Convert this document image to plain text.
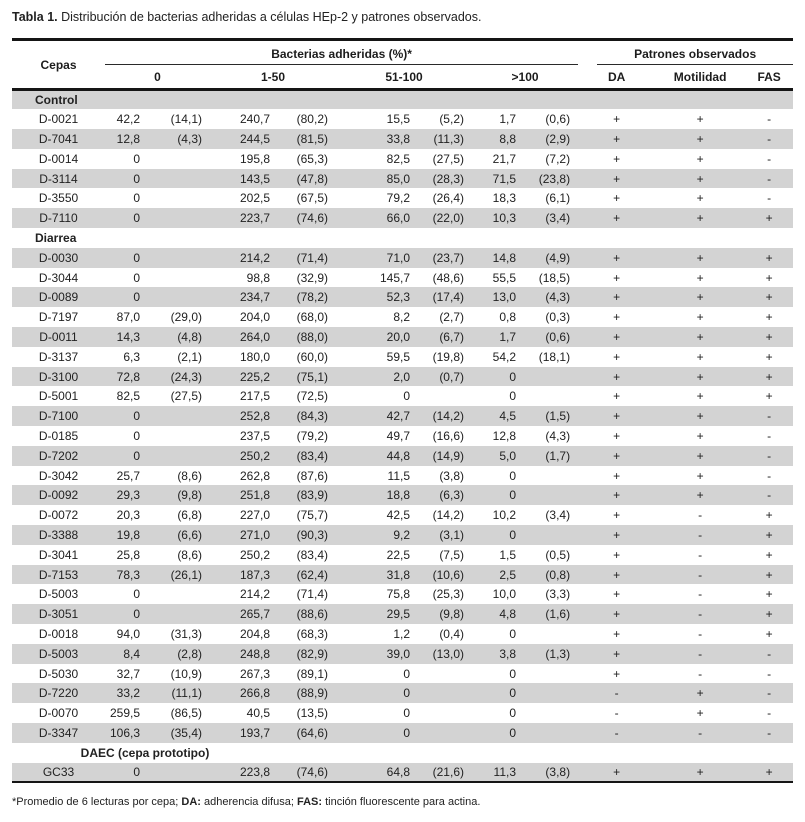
Tabla 1. Distribución de bacterias adheridas a células HEp-2 y patrones observados.
Cepas	Bacterias adheridas (%)*								Patrones observados		

	0		1-50		51-100		>100		DA	Motilidad	FAS
Control											
D-0021	42,2	(14,1)	240,7	(80,2)	15,5	(5,2)	1,7	(0,6)	+	+	-
D-7041	12,8	(4,3)	244,5	(81,5)	33,8	(11,3)	8,8	(2,9)	+	+	-
D-0014	0		195,8	(65,3)	82,5	(27,5)	21,7	(7,2)	+	+	-
D-3114	0		143,5	(47,8)	85,0	(28,3)	71,5	(23,8)	+	+	-
D-3550	0		202,5	(67,5)	79,2	(26,4)	18,3	(6,1)	+	+	-
D-7110	0		223,7	(74,6)	66,0	(22,0)	10,3	(3,4)	+	+	+
Diarrea											
D-0030	0		214,2	(71,4)	71,0	(23,7)	14,8	(4,9)	+	+	+
D-3044	0		98,8	(32,9)	145,7	(48,6)	55,5	(18,5)	+	+	+
D-0089	0		234,7	(78,2)	52,3	(17,4)	13,0	(4,3)	+	+	+
D-7197	87,0	(29,0)	204,0	(68,0)	8,2	(2,7)	0,8	(0,3)	+	+	+
D-0011	14,3	(4,8)	264,0	(88,0)	20,0	(6,7)	1,7	(0,6)	+	+	+
D-3137	6,3	(2,1)	180,0	(60,0)	59,5	(19,8)	54,2	(18,1)	+	+	+
D-3100	72,8	(24,3)	225,2	(75,1)	2,0	(0,7)	0		+	+	+
D-5001	82,5	(27,5)	217,5	(72,5)	0		0		+	+	+
D-7100	0		252,8	(84,3)	42,7	(14,2)	4,5	(1,5)	+	+	-
D-0185	0		237,5	(79,2)	49,7	(16,6)	12,8	(4,3)	+	+	-
D-7202	0		250,2	(83,4)	44,8	(14,9)	5,0	(1,7)	+	+	-
D-3042	25,7	(8,6)	262,8	(87,6)	11,5	(3,8)	0		+	+	-
D-0092	29,3	(9,8)	251,8	(83,9)	18,8	(6,3)	0		+	+	-
D-0072	20,3	(6,8)	227,0	(75,7)	42,5	(14,2)	10,2	(3,4)	+	-	+
D-3388	19,8	(6,6)	271,0	(90,3)	9,2	(3,1)	0		+	-	+
D-3041	25,8	(8,6)	250,2	(83,4)	22,5	(7,5)	1,5	(0,5)	+	-	+
D-7153	78,3	(26,1)	187,3	(62,4)	31,8	(10,6)	2,5	(0,8)	+	-	+
D-5003	0		214,2	(71,4)	75,8	(25,3)	10,0	(3,3)	+	-	+
D-3051	0		265,7	(88,6)	29,5	(9,8)	4,8	(1,6)	+	-	+
D-0018	94,0	(31,3)	204,8	(68,3)	1,2	(0,4)	0		+	-	+
D-5003	8,4	(2,8)	248,8	(82,9)	39,0	(13,0)	3,8	(1,3)	+	-	-
D-5030	32,7	(10,9)	267,3	(89,1)	0		0		+	-	-
D-7220	33,2	(11,1)	266,8	(88,9)	0		0		-	+	-
D-0070	259,5	(86,5)	40,5	(13,5)	0		0		-	+	-
D-3347	106,3	(35,4)	193,7	(64,6)	0		0		-	-	-
DAEC (cepa prototipo)											
GC33	0		223,8	(74,6)	64,8	(21,6)	11,3	(3,8)	+	+	+
*Promedio de 6 lecturas por cepa; DA: adherencia difusa; FAS: tinción fluorescente para actina.
